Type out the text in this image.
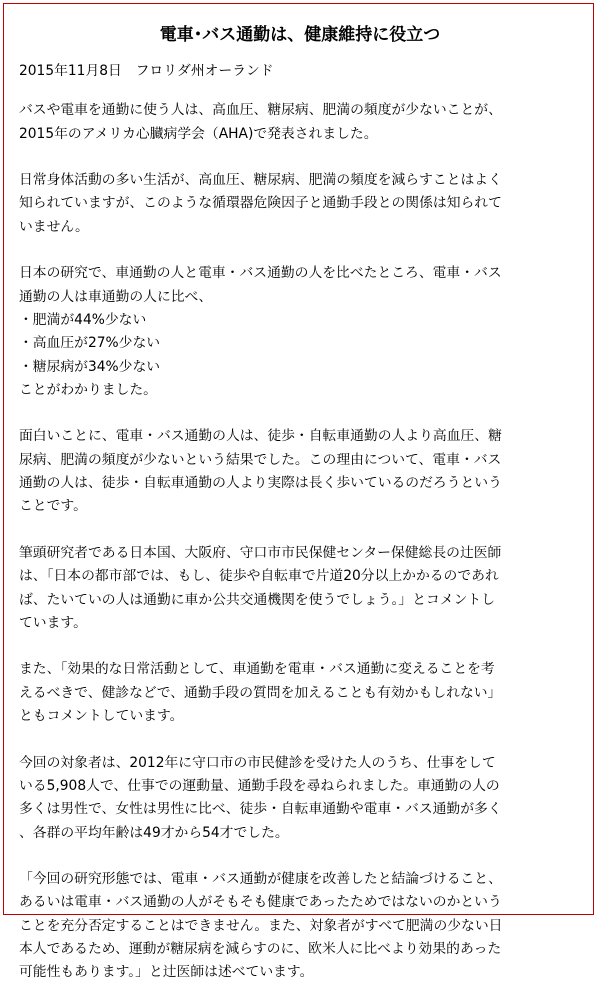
電車･バス通勤は、健康維持に役立つ

2015年11月8日　フロリダ州オーランド

バスや電車を通勤に使う人は、高血圧、糖尿病、肥満の頻度が少ないことが、
2015年のアメリカ心臓病学会（AHA)で発表されました。

日常身体活動の多い生活が、高血圧、糖尿病、肥満の頻度を減らすことはよく
知られていますが、このような循環器危険因子と通勤手段との関係は知られて
いません。

日本の研究で、車通勤の人と電車・バス通勤の人を比べたところ、電車・バス
通勤の人は車通勤の人に比べ、
・肥満が44%少ない
・高血圧が27%少ない
・糖尿病が34%少ない
ことがわかりました。

面白いことに、電車・バス通勤の人は、徒歩・自転車通勤の人より高血圧、糖
尿病、肥満の頻度が少ないという結果でした。この理由について、電車・バス
通勤の人は、徒歩・自転車通勤の人より実際は長く歩いているのだろうという
ことです。

筆頭研究者である日本国、大阪府、守口市市民保健センター保健総長の辻医師
は、「日本の都市部では、もし、徒歩や自転車で片道20分以上かかるのであれ
ば、たいていの人は通勤に車か公共交通機関を使うでしょう。」とコメントし
ています。

また、「効果的な日常活動として、車通勤を電車・バス通勤に変えることを考
えるべきで、健診などで、通勤手段の質問を加えることも有効かもしれない」
ともコメントしています。

今回の対象者は、2012年に守口市の市民健診を受けた人のうち、仕事をして
いる5,908人で、仕事での運動量、通勤手段を尋ねられました。車通勤の人の
多くは男性で、女性は男性に比べ、徒歩・自転車通勤や電車・バス通勤が多く
、各群の平均年齢は49才から54才でした。

「今回の研究形態では、電車・バス通勤が健康を改善したと結論づけること、
あるいは電車・バス通勤の人がそもそも健康であったためではないのかという
ことを充分否定することはできません。また、対象者がすべて肥満の少ない日
本人であるため、運動が糖尿病を減らすのに、欧米人に比べより効果的あった
可能性もあります。」と辻医師は述べています。
